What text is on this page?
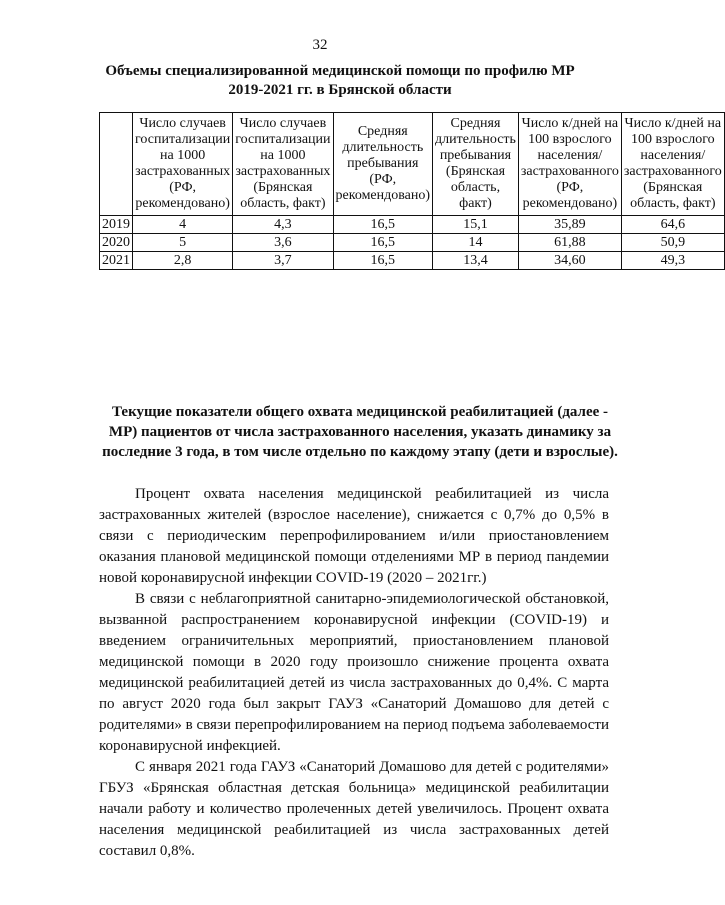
32
Объемы специализированной медицинской помощи по профилю МР
2019-2021 гг. в Брянской области
	Число случаев госпитализации на 1000 застрахованных (РФ, рекомендовано)	Число случаев госпитализации на 1000 застрахованных (Брянская область, факт)	Средняя длительность пребывания (РФ, рекомендовано)	Средняя длительность пребывания (Брянская область, факт)	Число к/дней на 100 взрослого населения/застрахованного (РФ, рекомендовано)	Число к/дней на 100 взрослого населения/застрахованного (Брянская область, факт)
2019	4	4,3	16,5	15,1	35,89	64,6
2020	5	3,6	16,5	14	61,88	50,9
2021	2,8	3,7	16,5	13,4	34,60	49,3
Текущие показатели общего охвата медицинской реабилитацией (далее - МР) пациентов от числа застрахованного населения, указать динамику за последние 3 года, в том числе отдельно по каждому этапу (дети и взрослые).

Процент охвата населения медицинской реабилитацией из числа застрахованных жителей (взрослое население), снижается с 0,7% до 0,5% в связи с периодическим перепрофилированием и/или приостановлением оказания плановой медицинской помощи отделениями МР в период пандемии новой коронавирусной инфекции COVID-19 (2020 – 2021гг.)

В связи с неблагоприятной санитарно-эпидемиологической обстановкой, вызванной распространением коронавирусной инфекции (COVID-19) и введением ограничительных мероприятий, приостановлением плановой медицинской помощи в 2020 году произошло снижение процента охвата медицинской реабилитацией детей из числа застрахованных до 0,4%. С марта по август 2020 года был закрыт ГАУЗ «Санаторий Домашово для детей с родителями» в связи перепрофилированием на период подъема заболеваемости коронавирусной инфекцией.

С января 2021 года ГАУЗ «Санаторий Домашово для детей с родителями» ГБУЗ «Брянская областная детская больница» медицинской реабилитации начали работу и количество пролеченных детей увеличилось. Процент охвата населения медицинской реабилитацией из числа застрахованных детей составил 0,8%.
